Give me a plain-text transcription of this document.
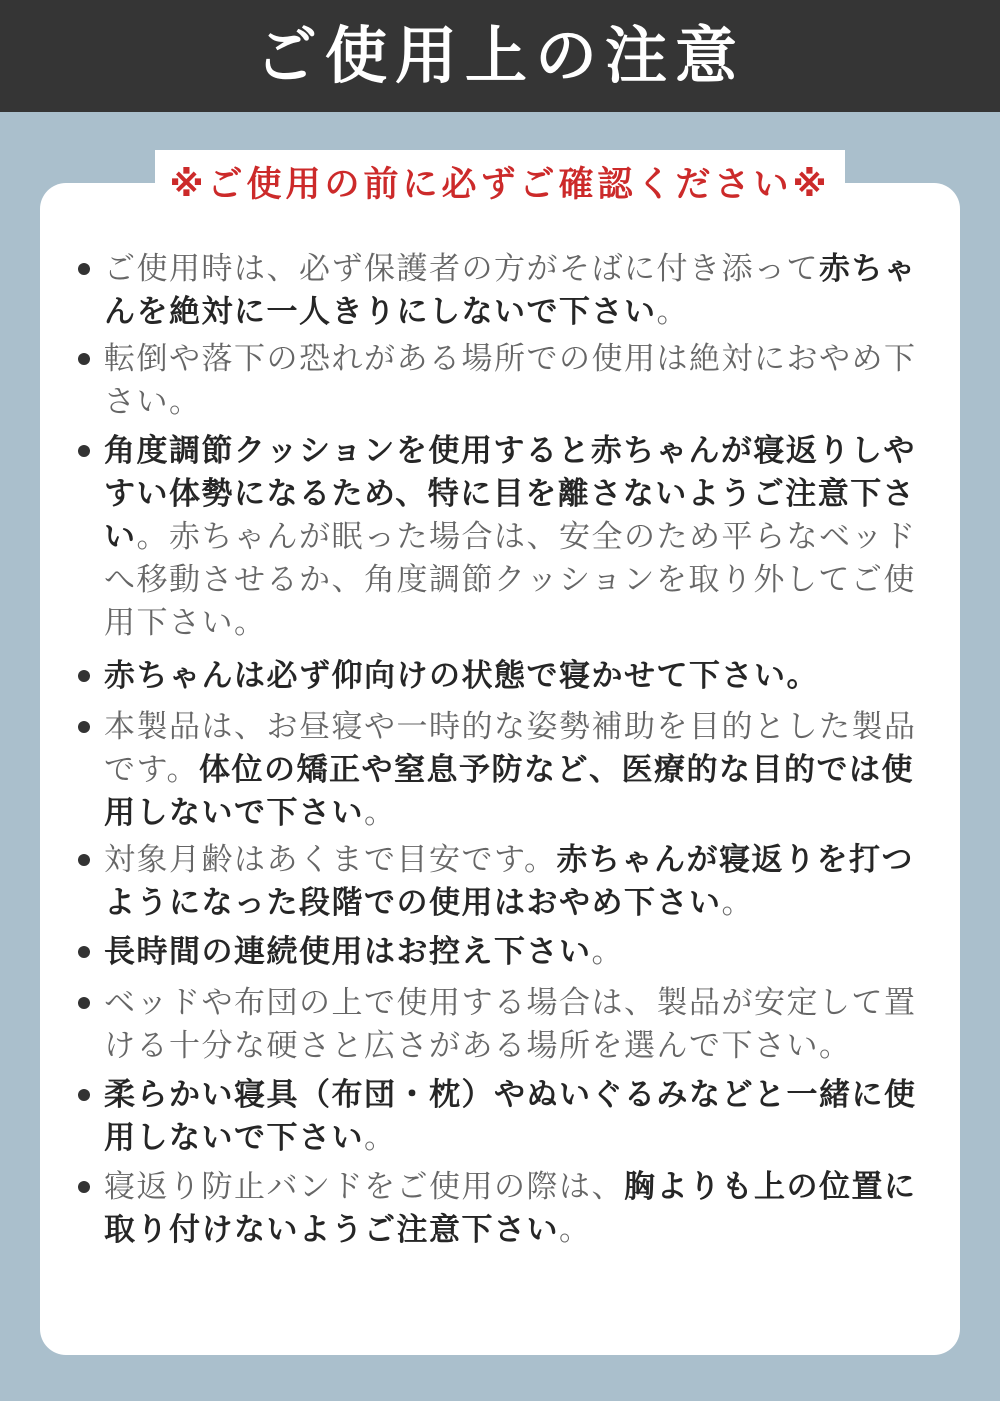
ご使用上の注意
※ご使用の前に必ずご確認ください※
ご使用時は、必ず保護者の方がそばに付き添って赤ちゃんを絶対に一人きりにしないで下さい。
転倒や落下の恐れがある場所での使用は絶対におやめ下さい。
角度調節クッションを使用すると赤ちゃんが寝返りしやすい体勢になるため、特に目を離さないようご注意下さい。赤ちゃんが眠った場合は、安全のため平らなベッドへ移動させるか、角度調節クッションを取り外してご使用下さい。
赤ちゃんは必ず仰向けの状態で寝かせて下さい。
本製品は、お昼寝や一時的な姿勢補助を目的とした製品です。体位の矯正や窒息予防など、医療的な目的では使用しないで下さい。
対象月齢はあくまで目安です。赤ちゃんが寝返りを打つようになった段階での使用はおやめ下さい。
長時間の連続使用はお控え下さい。
ベッドや布団の上で使用する場合は、製品が安定して置ける十分な硬さと広さがある場所を選んで下さい。
柔らかい寝具（布団・枕）やぬいぐるみなどと一緒に使用しないで下さい。
寝返り防止バンドをご使用の際は、胸よりも上の位置に取り付けないようご注意下さい。
